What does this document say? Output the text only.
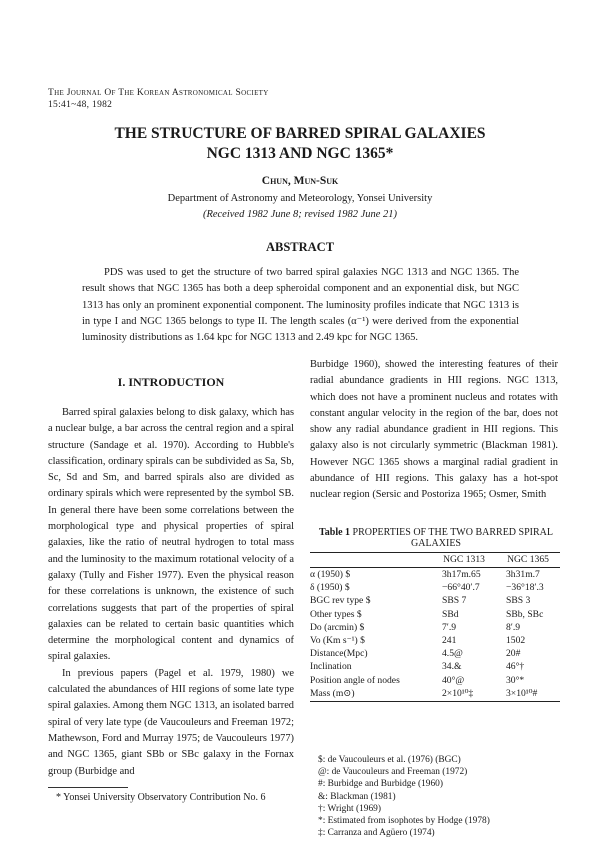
The Journal Of The Korean Astronomical Society
15:41~48, 1982
THE STRUCTURE OF BARRED SPIRAL GALAXIES
NGC 1313 AND NGC 1365*
Chun, Mun-Suk
Department of Astronomy and Meteorology, Yonsei University
(Received 1982 June 8; revised 1982 June 21)
ABSTRACT
PDS was used to get the structure of two barred spiral galaxies NGC 1313 and NGC 1365. The result shows that NGC 1365 has both a deep spheroidal component and an exponential disk, but NGC 1313 has only an prominent exponential component. The luminosity profiles indicate that NGC 1313 is in type I and NGC 1365 belongs to type II. The length scales (α⁻¹) were derived from the exponential luminosity distributions as 1.64 kpc for NGC 1313 and 2.49 kpc for NGC 1365.
I. INTRODUCTION

Barred spiral galaxies belong to disk galaxy, which has a nuclear bulge, a bar across the central region and a spiral structure (Sandage et al. 1970). According to Hubble's classification, ordinary spirals can be subdivided as Sa, Sb, Sc, Sd and Sm, and barred spirals also are divided as ordinary spirals which were represented by the symbol SB. In general there have been some correlations between the morphological type and physical properties of spiral galaxies, like the ratio of neutral hydrogen to total mass and the luminosity to the maximum rotational velocity of a galaxy (Tully and Fisher 1977). Even the physical reason for these correlations is unknown, the existence of such correlations suggests that part of the properties of spiral galaxies can be related to certain basic quantities which determine the morphological content and dynamics of spiral galaxies.

In previous papers (Pagel et al. 1979, 1980) we calculated the abundances of HII regions of some late type spiral galaxies. Among them NGC 1313, an isolated barred spiral of very late type (de Vaucouleurs and Freeman 1972; Mathewson, Ford and Murray 1975; de Vaucouleurs 1977) and NGC 1365, giant SBb or SBc galaxy in the Fornax group (Burbidge and

Burbidge 1960), showed the interesting features of their radial abundance gradients in HII regions. NGC 1313, which does not have a prominent nucleus and rotates with constant angular velocity in the region of the bar, does not show any radial abundance gradient in HII regions. This galaxy also is not circularly symmetric (Blackman 1981). However NGC 1365 shows a marginal radial gradient in abundance of HII regions. This galaxy has a hot-spot nuclear region (Sersic and Postoriza 1965; Osmer, Smith

Table 1 PROPERTIES OF THE TWO BARRED SPIRAL GALAXIES
	NGC 1313	NGC 1365
α (1950) $	3h17m.65	3h31m.7
δ (1950) $	−66°40′.7	−36°18′.3
BGC rev type $	SBS 7	SBS 3
Other types $	SBd	SBb, SBc
Do (arcmin) $	7′.9	8′.9
Vo (Km s⁻¹) $	241	1502
Distance(Mpc)	4.5@	20#
Inclination	34.&	46°†
Position angle of nodes	40°@	30°*
Mass (m⊙)	2×10¹⁰‡	3×10¹⁰#
$: de Vaucouleurs et al. (1976) (BGC)
@: de Vaucouleurs and Freeman (1972)
#: Burbidge and Burbidge (1960)
&: Blackman (1981)
†: Wright (1969)
*: Estimated from isophotes by Hodge (1978)
‡: Carranza and Agüero (1974)
* Yonsei University Observatory Contribution No. 6
